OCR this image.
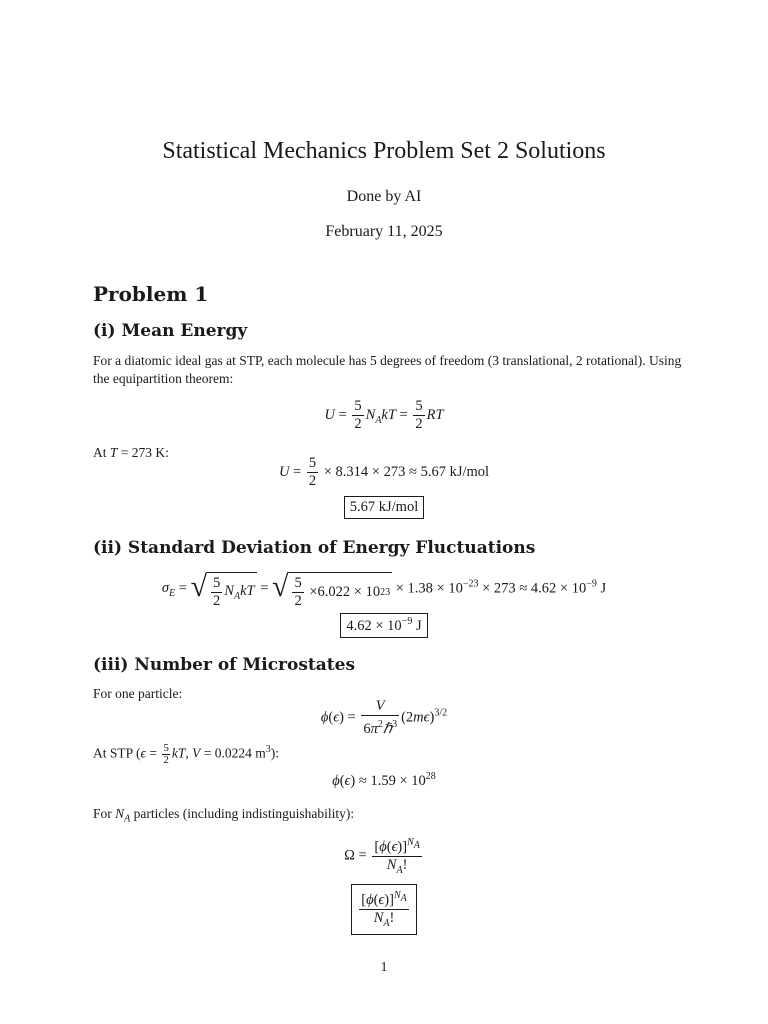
Statistical Mechanics Problem Set 2 Solutions
Done by AI
February 11, 2025
Problem 1
(i) Mean Energy
For a diatomic ideal gas at STP, each molecule has 5 degrees of freedom (3 translational, 2 rotational). Using the equipartition theorem:
$U = \frac{5}{2} N_AkT = \frac{5}{2}$ RT
At T = 273 K:
$U = \frac{5}{2} \times 8.314 \times 273 \approx 5.67$ kJ/mol
5.67 kJ/mol
(ii) Standard Deviation of Energy Fluctuations
$\sigma_E$ = √ $\frac{5}{2} N_AkT$ = √ $\frac{5}{2} \times 6.022 \times 10$ $23 \times 1.38 \times 10^{-23} \times 273 \approx 4.62 \times 10^{-9}$ J
$4.62 \times 10^{-9}$ J
(iii) Number of Microstates
For one particle:
$\phi(\epsilon) = \frac{V}{6\pi^2\hbar^3} (2m\epsilon)^{3/2}$
At STP ($\epsilon = \frac{5}{2}$ kT, V = 0.0224 $m^3$):
$\phi(\epsilon) \approx 1.59 \times 10^{28}$
For $N_A$ particles (including indistinguishability):
$\Omega = \frac{[\phi(\epsilon)]^{N_A}}{N_A!}$
$\frac{[\phi(\epsilon)]^{N_A}}{N_A!}$
1
